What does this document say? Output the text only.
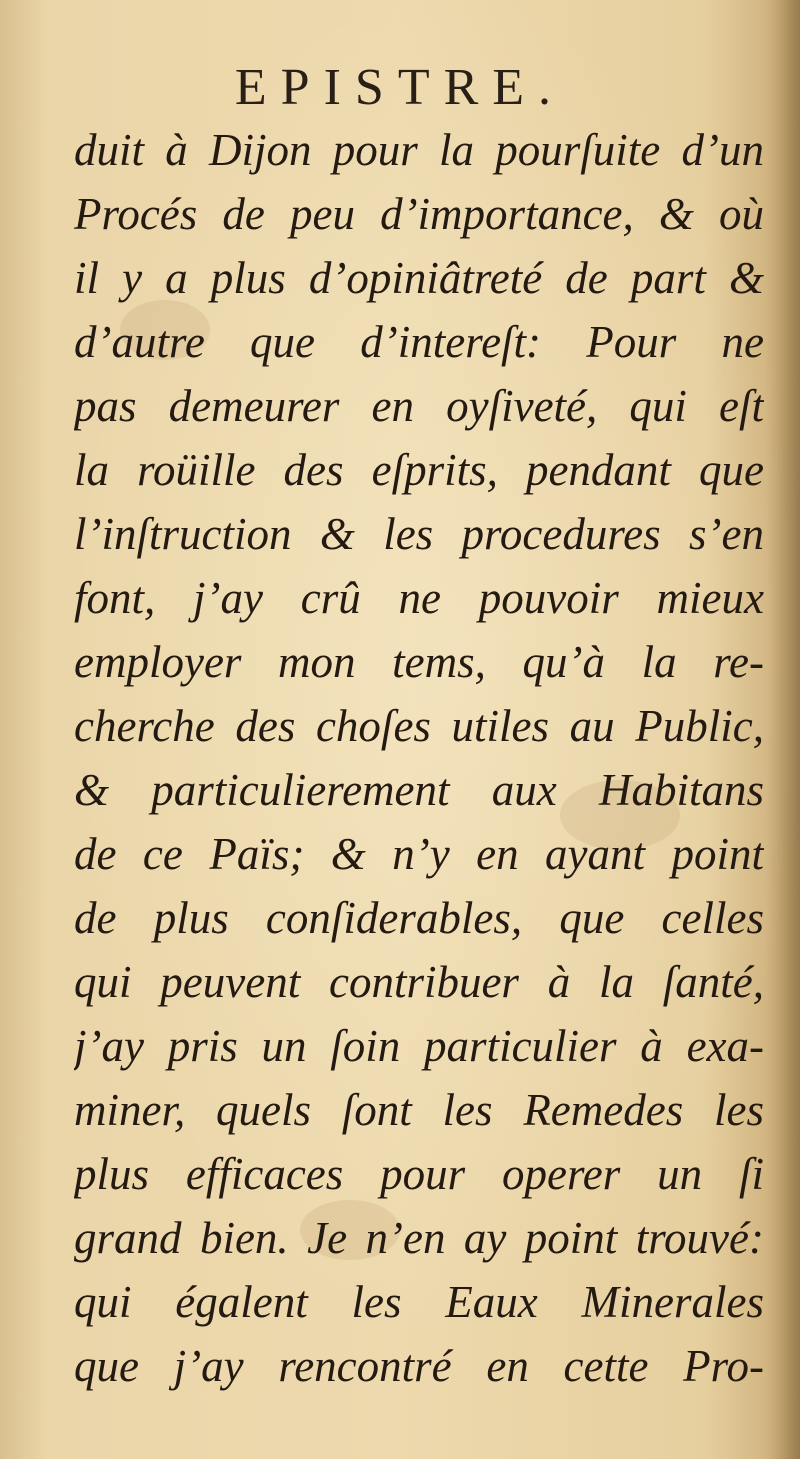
EPISTRE.
duit à Dijon pour la pourſuite d’un
Procés de peu d’importance, & où
il y a plus d’opiniâtreté de part &
d’autre que d’intereſt: Pour ne
pas demeurer en oyſiveté, qui eſt
la roüille des eſprits, pendant que
l’inſtruction & les procedures s’en
font, j’ay crû ne pouvoir mieux
employer mon tems, qu’à la re-
cherche des choſes utiles au Public,
& particulierement aux Habitans
de ce Païs; & n’y en ayant point
de plus conſiderables, que celles
qui peuvent contribuer à la ſanté,
j’ay pris un ſoin particulier à exa-
miner, quels ſont les Remedes les
plus efficaces pour operer un ſi
grand bien. Je n’en ay point trouvé:
qui égalent les Eaux Minerales
que j’ay rencontré en cette Pro-
